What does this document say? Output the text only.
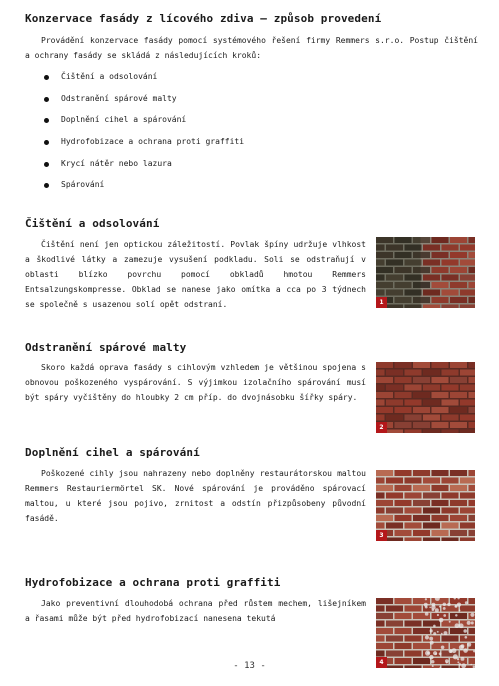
Konzervace fasády z lícového zdiva – způsob provedení

Provádění konzervace fasády pomocí systémového řešení firmy Remmers s.r.o. Postup čištění a ochrany fasády se skládá z následujících kroků:

Čištění a odsolování
Odstranění spárové malty
Doplnění cihel a spárování
Hydrofobizace a ochrana proti graffiti
Krycí nátěr nebo lazura
Spárování
Čištění a odsolování

Čištění není jen optickou záležitostí. Povlak špíny udržuje vlhkost a škodlivé látky a zamezuje vysušení podkladu. Soli se odstraňují v oblasti blízko povrchu pomocí obkladů hmotou Remmers Entsalzungskompresse. Obklad se nanese jako omítka a cca po 3 týdnech se společně s usazenou solí opět odstraní.	1
Odstranění spárové malty

Skoro každá oprava fasády s cihlovým vzhledem je většinou spojena s obnovou poškozeného vyspárování. S výjimkou izolačního spárování musí být spáry vyčištěny do hloubky 2 cm příp. do dvojnásobku šířky spáry.

2
Doplnění cihel a spárování

Poškozené cihly jsou nahrazeny nebo doplněny restaurátorskou maltou Remmers Restauriermörtel SK. Nové spárování je prováděno spárovací maltou, u které jsou pojivo, zrnitost a odstín přizpůsobeny původní fasádě.

3
Hydrofobizace a ochrana proti graffiti

Jako preventivní dlouhodobá ochrana před růstem mechem, lišejníkem a řasami může být před hydrofobizací nanesena tekutá

4
- 13 -
